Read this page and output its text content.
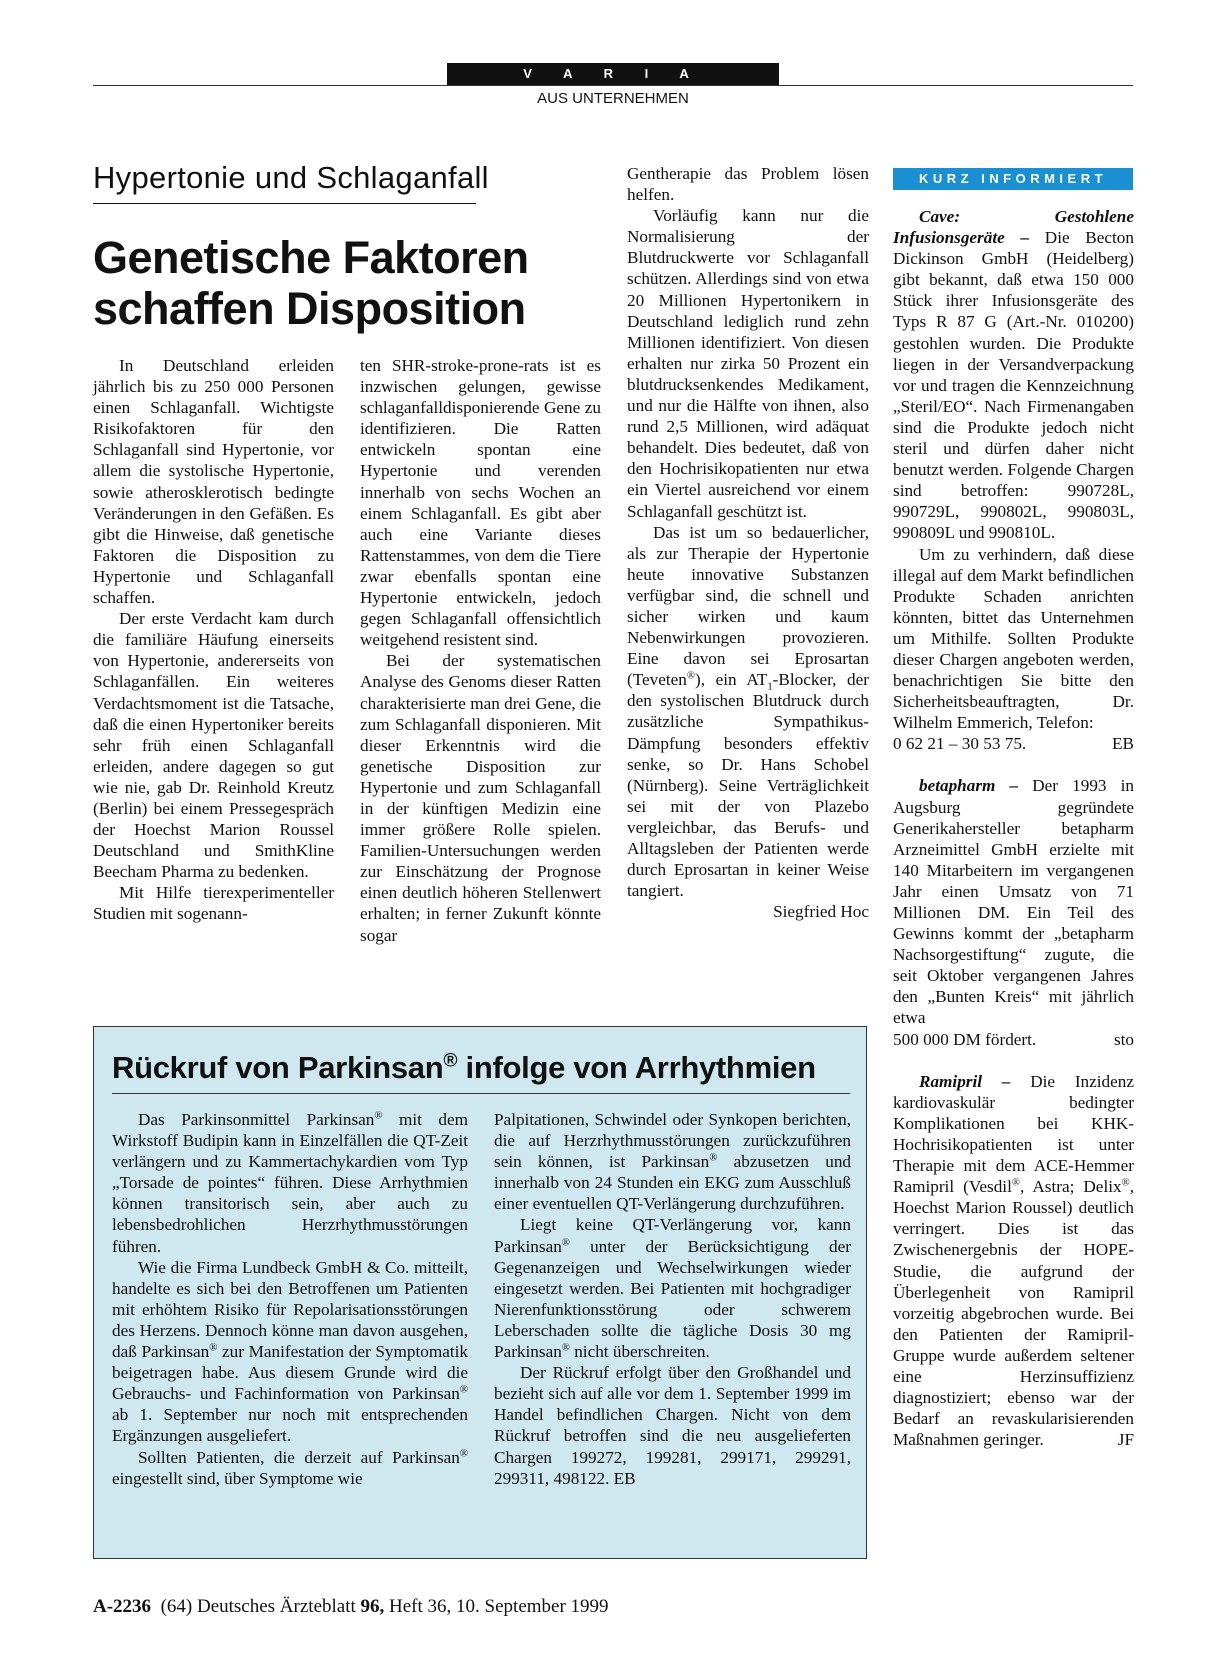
V A R I A
AUS UNTERNEHMEN
Hypertonie und Schlaganfall
Genetische Faktoren
schaffen Disposition

In Deutschland erleiden jährlich bis zu 250 000 Personen einen Schlaganfall. Wichtigste Risikofaktoren für den Schlaganfall sind Hypertonie, vor allem die systolische Hypertonie, sowie atherosklerotisch bedingte Veränderungen in den Gefäßen. Es gibt die Hinweise, daß genetische Faktoren die Disposition zu Hypertonie und Schlaganfall schaffen.

Der erste Verdacht kam durch die familiäre Häufung einerseits von Hypertonie, andererseits von Schlaganfällen. Ein weiteres Verdachtsmoment ist die Tatsache, daß die einen Hypertoniker bereits sehr früh einen Schlaganfall erleiden, andere dagegen so gut wie nie, gab Dr. Reinhold Kreutz (Berlin) bei einem Pressegespräch der Hoechst Marion Roussel Deutschland und SmithKline Beecham Pharma zu bedenken.

Mit Hilfe tierexperimenteller Studien mit sogenann-

ten SHR-stroke-prone-rats ist es inzwischen gelungen, gewisse schlaganfalldisponierende Gene zu identifizieren. Die Ratten entwickeln spontan eine Hypertonie und verenden innerhalb von sechs Wochen an einem Schlaganfall. Es gibt aber auch eine Variante dieses Rattenstammes, von dem die Tiere zwar ebenfalls spontan eine Hypertonie entwickeln, jedoch gegen Schlaganfall offensichtlich weitgehend resistent sind.

Bei der systematischen Analyse des Genoms dieser Ratten charakterisierte man drei Gene, die zum Schlaganfall disponieren. Mit dieser Erkenntnis wird die genetische Disposition zur Hypertonie und zum Schlaganfall in der künftigen Medizin eine immer größere Rolle spielen. Familien-Untersuchungen werden zur Einschätzung der Prognose einen deutlich höheren Stellenwert erhalten; in ferner Zukunft könnte sogar

Gentherapie das Problem lösen helfen.

Vorläufig kann nur die Normalisierung der Blutdruckwerte vor Schlaganfall schützen. Allerdings sind von etwa 20 Millionen Hypertonikern in Deutschland lediglich rund zehn Millionen identifiziert. Von diesen erhalten nur zirka 50 Prozent ein blutdrucksenkendes Medikament, und nur die Hälfte von ihnen, also rund 2,5 Millionen, wird adäquat behandelt. Dies bedeutet, daß von den Hochrisikopatienten nur etwa ein Viertel ausreichend vor einem Schlaganfall geschützt ist.

Das ist um so bedauerlicher, als zur Therapie der Hypertonie heute innovative Substanzen verfügbar sind, die schnell und sicher wirken und kaum Nebenwirkungen provozieren. Eine davon sei Eprosartan (Teveten®), ein $AT_1$-Blocker, der den systolischen Blutdruck durch zusätzliche Sympathikus-Dämpfung besonders effektiv senke, so Dr. Hans Schobel (Nürnberg). Seine Verträglichkeit sei mit der von Plazebo vergleichbar, das Berufs- und Alltagsleben der Patienten werde durch Eprosartan in keiner Weise tangiert.

Siegfried Hoc
KURZ INFORMIERT

Cave: Gestohlene Infusionsgeräte – Die Becton Dickinson GmbH (Heidelberg) gibt bekannt, daß etwa 150 000 Stück ihrer Infusionsgeräte des Typs R 87 G (Art.-Nr. 010200) gestohlen wurden. Die Produkte liegen in der Versandverpackung vor und tragen die Kennzeichnung „Steril/EO“. Nach Firmenangaben sind die Produkte jedoch nicht steril und dürfen daher nicht benutzt werden. Folgende Chargen sind betroffen: 990728L, 990729L, 990802L, 990803L, 990809L und 990810L.

Um zu verhindern, daß diese illegal auf dem Markt befindlichen Produkte Schaden anrichten könnten, bittet das Unternehmen um Mithilfe. Sollten Produkte dieser Chargen angeboten werden, benachrichtigen Sie bitte den Sicherheitsbeauftragten, Dr. Wilhelm Emmerich, Telefon:

0 62 21 – 30 53 75.	EB

betapharm – Der 1993 in Augsburg gegründete Generikahersteller betapharm Arzneimittel GmbH erzielte mit 140 Mitarbeitern im vergangenen Jahr einen Umsatz von 71 Millionen DM. Ein Teil des Gewinns kommt der „betapharm Nachsorgestiftung“ zugute, die seit Oktober vergangenen Jahres den „Bunten Kreis“ mit jährlich etwa

500 000 DM fördert.	sto

Ramipril – Die Inzidenz kardiovaskulär bedingter Komplikationen bei KHK-Hochrisikopatienten ist unter Therapie mit dem ACE-Hemmer Ramipril (Vesdil®, Astra; Delix®, Hoechst Marion Roussel) deutlich verringert. Dies ist das Zwischenergebnis der HOPE-Studie, die aufgrund der Überlegenheit von Ramipril vorzeitig abgebrochen wurde. Bei den Patienten der Ramipril-Gruppe wurde außerdem seltener eine Herzinsuffizienz diagnostiziert; ebenso war der Bedarf an revaskularisierenden Maßnahmen geringer.	JF

Rückruf von Parkinsan® infolge von Arrhythmien

Das Parkinsonmittel Parkinsan® mit dem Wirkstoff Budipin kann in Einzelfällen die QT-Zeit verlängern und zu Kammertachykardien vom Typ „Torsade de pointes“ führen. Diese Arrhythmien können transitorisch sein, aber auch zu lebensbedrohlichen Herzrhythmusstörungen führen.

Wie die Firma Lundbeck GmbH & Co. mitteilt, handelte es sich bei den Betroffenen um Patienten mit erhöhtem Risiko für Repolarisationsstörungen des Herzens. Dennoch könne man davon ausgehen, daß Parkinsan® zur Manifestation der Symptomatik beigetragen habe. Aus diesem Grunde wird die Gebrauchs- und Fachinformation von Parkinsan® ab 1. September nur noch mit entsprechenden Ergänzungen ausgeliefert.

Sollten Patienten, die derzeit auf Parkinsan® eingestellt sind, über Symptome wie

Palpitationen, Schwindel oder Synkopen berichten, die auf Herzrhythmusstörungen zurückzuführen sein können, ist Parkinsan® abzusetzen und innerhalb von 24 Stunden ein EKG zum Ausschluß einer eventuellen QT-Verlängerung durchzuführen.

Liegt keine QT-Verlängerung vor, kann Parkinsan® unter der Berücksichtigung der Gegenanzeigen und Wechselwirkungen wieder eingesetzt werden. Bei Patienten mit hochgradiger Nierenfunktionsstörung oder schwerem Leberschaden sollte die tägliche Dosis 30 mg Parkinsan® nicht überschreiten.

Der Rückruf erfolgt über den Großhandel und bezieht sich auf alle vor dem 1. September 1999 im Handel befindlichen Chargen. Nicht von dem Rückruf betroffen sind die neu ausgelieferten Chargen 199272, 199281, 299171, 299291, 299311, 498122. EB

A-2236 (64) Deutsches Ärzteblatt 96, Heft 36, 10. September 1999
